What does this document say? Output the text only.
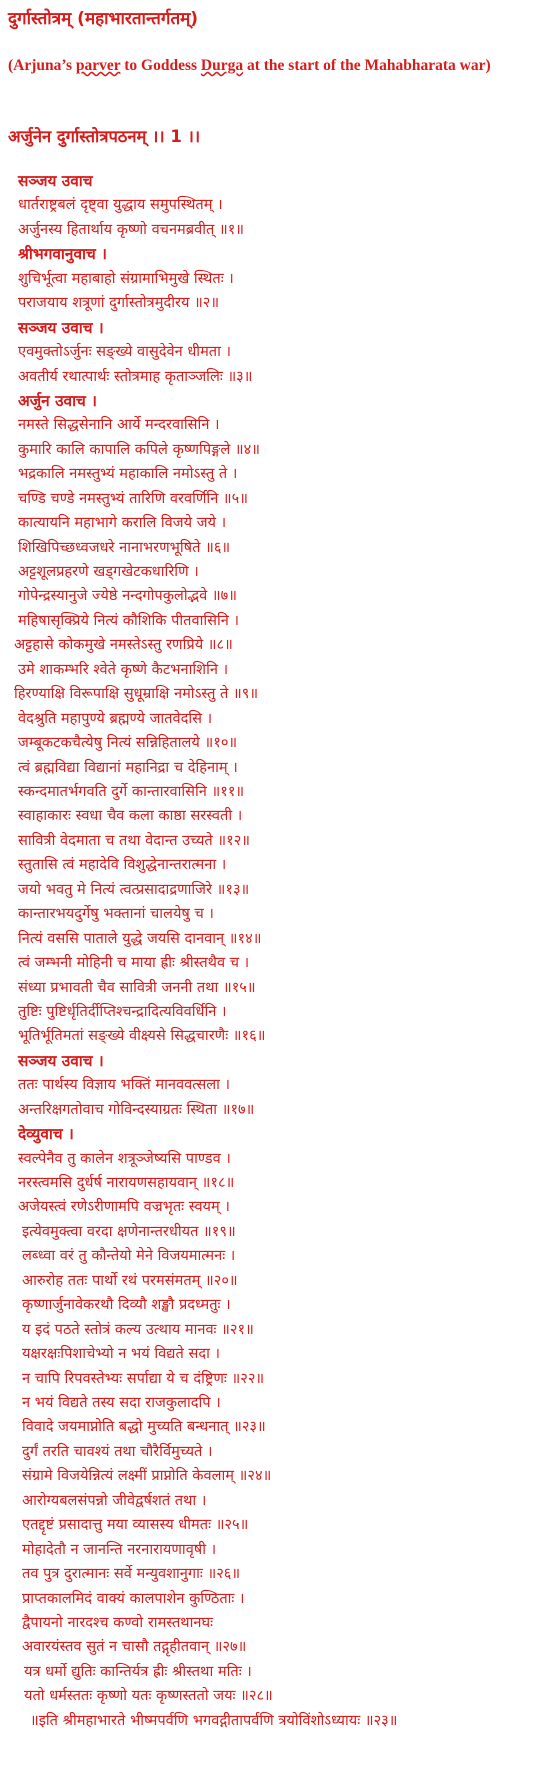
दुर्गास्तोत्रम् (महाभारतान्तर्गतम्)
(Arjuna’s parver to Goddess Durga at the start of the Mahabharata war)
अर्जुनेन दुर्गास्तोत्रपठनम् ।। 1 ।।
सञ्जय उवाच
धार्तराष्ट्रबलं दृष्ट्वा युद्धाय समुपस्थितम् ।
अर्जुनस्य हितार्थाय कृष्णो वचनमब्रवीत् ॥१॥
श्रीभगवानुवाच ।
शुचिर्भूत्वा महाबाहो संग्रामाभिमुखे स्थितः ।
पराजयाय शत्रूणां दुर्गास्तोत्रमुदीरय ॥२॥
सञ्जय उवाच ।
एवमुक्तोऽर्जुनः सङ्ख्ये वासुदेवेन धीमता ।
अवतीर्य रथात्पार्थः स्तोत्रमाह कृताञ्जलिः ॥३॥
अर्जुन उवाच ।
नमस्ते सिद्धसेनानि आर्ये मन्दरवासिनि ।
कुमारि कालि कापालि कपिले कृष्णपिङ्गले ॥४॥
भद्रकालि नमस्तुभ्यं महाकालि नमोऽस्तु ते ।
चण्डि चण्डे नमस्तुभ्यं तारिणि वरवर्णिनि ॥५॥
कात्यायनि महाभागे करालि विजये जये ।
शिखिपिच्छध्वजधरे नानाभरणभूषिते ॥६॥
अट्टशूलप्रहरणे खड्गखेटकधारिणि ।
गोपेन्द्रस्यानुजे ज्येष्ठे नन्दगोपकुलोद्भवे ॥७॥
महिषासृक्प्रिये नित्यं कौशिकि पीतवासिनि ।
अट्टहासे कोकमुखे नमस्तेऽस्तु रणप्रिये ॥८॥
उमे शाकम्भरि श्वेते कृष्णे कैटभनाशिनि ।
हिरण्याक्षि विरूपाक्षि सुधूम्राक्षि नमोऽस्तु ते ॥९॥
वेदश्रुति महापुण्ये ब्रह्मण्ये जातवेदसि ।
जम्बूकटकचैत्येषु नित्यं सन्निहितालये ॥१०॥
त्वं ब्रह्मविद्या विद्यानां महानिद्रा च देहिनाम् ।
स्कन्दमातर्भगवति दुर्गे कान्तारवासिनि ॥११॥
स्वाहाकारः स्वधा चैव कला काष्ठा सरस्वती ।
सावित्री वेदमाता च तथा वेदान्त उच्यते ॥१२॥
स्तुतासि त्वं महादेवि विशुद्धेनान्तरात्मना ।
जयो भवतु मे नित्यं त्वत्प्रसादाद्रणाजिरे ॥१३॥
कान्तारभयदुर्गेषु भक्तानां चालयेषु च ।
नित्यं वससि पाताले युद्धे जयसि दानवान् ॥१४॥
त्वं जम्भनी मोहिनी च माया ह्रीः श्रीस्तथैव च ।
संध्या प्रभावती चैव सावित्री जननी तथा ॥१५॥
तुष्टिः पुष्टिर्धृतिर्दीप्तिश्चन्द्रादित्यविवर्धिनि ।
भूतिर्भूतिमतां सङ्ख्ये वीक्ष्यसे सिद्धचारणैः ॥१६॥
सञ्जय उवाच ।
ततः पार्थस्य विज्ञाय भक्तिं मानववत्सला ।
अन्तरिक्षगतोवाच गोविन्दस्याग्रतः स्थिता ॥१७॥
देव्युवाच ।
स्वल्पेनैव तु कालेन शत्रूञ्जेष्यसि पाण्डव ।
नरस्त्वमसि दुर्धर्ष नारायणसहायवान् ॥१८॥
अजेयस्त्वं रणेऽरीणामपि वज्रभृतः स्वयम् ।
इत्येवमुक्त्वा वरदा क्षणेनान्तरधीयत ॥१९॥
लब्ध्वा वरं तु कौन्तेयो मेने विजयमात्मनः ।
आरुरोह ततः पार्थो रथं परमसंमतम् ॥२०॥
कृष्णार्जुनावेकरथौ दिव्यौ शङ्खौ प्रदध्मतुः ।
य इदं पठते स्तोत्रं कल्य उत्थाय मानवः ॥२१॥
यक्षरक्षःपिशाचेभ्यो न भयं विद्यते सदा ।
न चापि रिपवस्तेभ्यः सर्पाद्या ये च दंष्ट्रिणः ॥२२॥
न भयं विद्यते तस्य सदा राजकुलादपि ।
विवादे जयमाप्नोति बद्धो मुच्यति बन्धनात् ॥२३॥
दुर्गं तरति चावश्यं तथा चौरैर्विमुच्यते ।
संग्रामे विजयेन्नित्यं लक्ष्मीं प्राप्नोति केवलाम् ॥२४॥
आरोग्यबलसंपन्नो जीवेद्वर्षशतं तथा ।
एतद्दृष्टं प्रसादात्तु मया व्यासस्य धीमतः ॥२५॥
मोहादेतौ न जानन्ति नरनारायणावृषी ।
तव पुत्र दुरात्मानः सर्वे मन्युवशानुगाः ॥२६॥
प्राप्तकालमिदं वाक्यं कालपाशेन कुण्ठिताः ।
द्वैपायनो नारदश्च कण्वो रामस्तथानघः
अवारयंस्तव सुतं न चासौ तद्गृहीतवान् ॥२७॥
यत्र धर्मो द्युतिः कान्तिर्यत्र ह्रीः श्रीस्तथा मतिः ।
यतो धर्मस्ततः कृष्णो यतः कृष्णस्ततो जयः ॥२८॥
॥इति श्रीमहाभारते भीष्मपर्वणि भगवद्गीतापर्वणि त्रयोविंशोऽध्यायः ॥२३॥
